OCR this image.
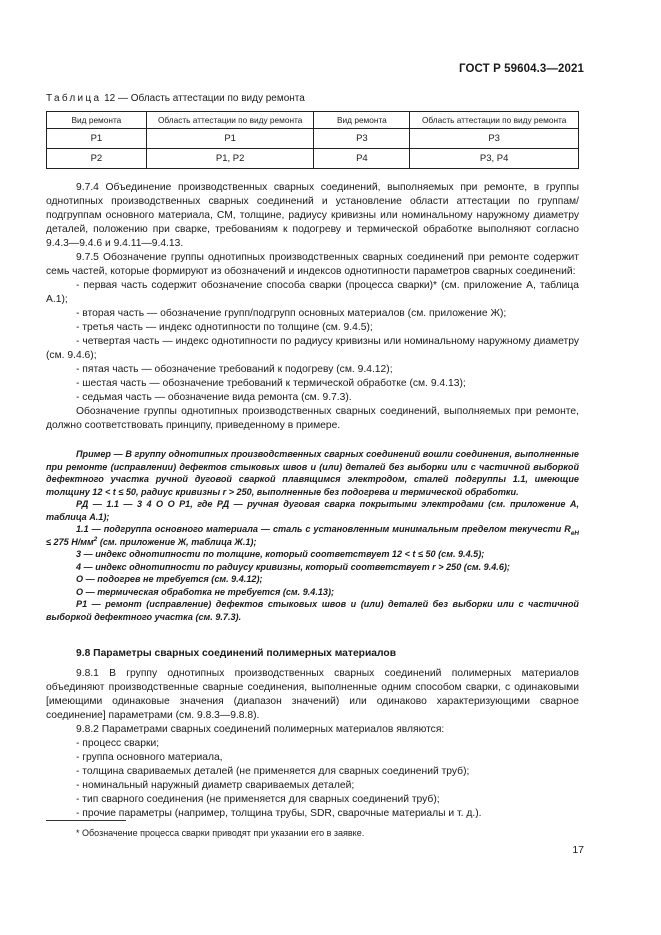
ГОСТ Р 59604.3—2021
Таблица 12 — Область аттестации по виду ремонта
Вид ремонта	Область аттестации по виду ремонта	Вид ремонта	Область аттестации по виду ремонта
Р1	Р1	Р3	Р3
Р2	Р1, Р2	Р4	Р3, Р4

9.7.4 Объединение производственных сварных соединений, выполняемых при ремонте, в группы однотипных производственных сварных соединений и установление области аттестации по группам/подгруппам основного материала, СМ, толщине, радиусу кривизны или номинальному наружному диаметру деталей, положению при сварке, требованиям к подогреву и термической обработке выполняют согласно 9.4.3—9.4.6 и 9.4.11—9.4.13.

9.7.5 Обозначение группы однотипных производственных сварных соединений при ремонте содержит семь частей, которые формируют из обозначений и индексов однотипности параметров сварных соединений:

- первая часть содержит обозначение способа сварки (процесса сварки)* (см. приложение А, таблица А.1);

- вторая часть — обозначение групп/подгрупп основных материалов (см. приложение Ж);

- третья часть — индекс однотипности по толщине (см. 9.4.5);

- четвертая часть — индекс однотипности по радиусу кривизны или номинальному наружному диаметру (см. 9.4.6);

- пятая часть — обозначение требований к подогреву (см. 9.4.12);

- шестая часть — обозначение требований к термической обработке (см. 9.4.13);

- седьмая часть — обозначение вида ремонта (см. 9.7.3).

Обозначение группы однотипных производственных сварных соединений, выполняемых при ремонте, должно соответствовать принципу, приведенному в примере.

Пример — В группу однотипных производственных сварных соединений вошли соединения, выполненные при ремонте (исправлении) дефектов стыковых швов и (или) деталей без выборки или с частичной выборкой дефектного участка ручной дуговой сваркой плавящимся электродом, сталей подгруппы 1.1, имеющие толщину 12 < t ≤ 50, радиус кривизны r > 250, выполненные без подогрева и термической обработки.

РД — 1.1 — 3 4 О О Р1, где РД — ручная дуговая сварка покрытыми электродами (см. приложение А, таблица А.1);

1.1 — подгруппа основного материала — сталь с установленным минимальным пределом текучести $R_{eH} \le 275$ $Н/мм^2$ (см. приложение Ж, таблица Ж.1);

3 — индекс однотипности по толщине, который соответствует 12 < t ≤ 50 (см. 9.4.5);

4 — индекс однотипности по радиусу кривизны, который соответствует r > 250 (см. 9.4.6);

О — подогрев не требуется (см. 9.4.12);

О — термическая обработка не требуется (см. 9.4.13);

Р1 — ремонт (исправление) дефектов стыковых швов и (или) деталей без выборки или с частичной выборкой дефектного участка (см. 9.7.3).

9.8 Параметры сварных соединений полимерных материалов

9.8.1 В группу однотипных производственных сварных соединений полимерных материалов объединяют производственные сварные соединения, выполненные одним способом сварки, с одинаковыми [имеющими одинаковые значения (диапазон значений) или одинаково характеризующими сварное соединение] параметрами (см. 9.8.3—9.8.8).

9.8.2 Параметрами сварных соединений полимерных материалов являются:

- процесс сварки;

- группа основного материала,

- толщина свариваемых деталей (не применяется для сварных соединений труб);

- номинальный наружный диаметр свариваемых деталей;

- тип сварного соединения (не применяется для сварных соединений труб);

- прочие параметры (например, толщина трубы, SDR, сварочные материалы и т. д.).

* Обозначение процесса сварки приводят при указании его в заявке.
17
